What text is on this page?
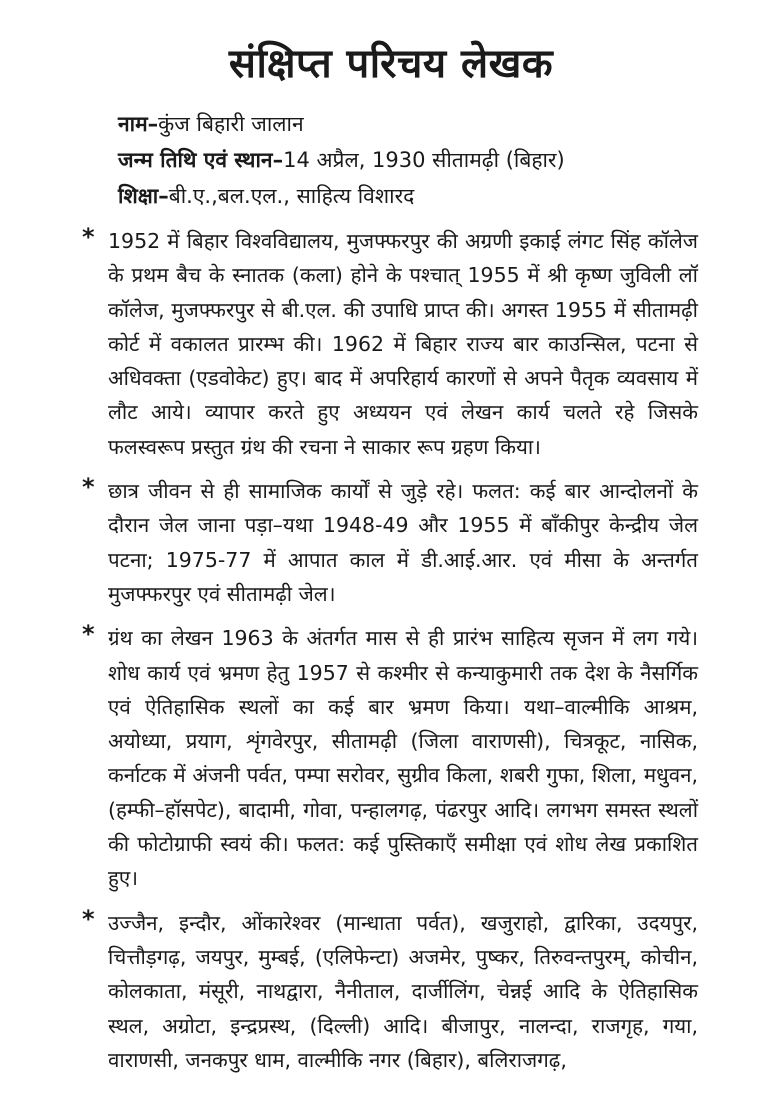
संक्षिप्त परिचय लेखक
नाम–कुंज बिहारी जालान
जन्म तिथि एवं स्थान–14 अप्रैल, 1930 सीतामढ़ी (बिहार)
शिक्षा–बी.ए.,बल.एल., साहित्य विशारद
* 1952 में बिहार विश्वविद्यालय, मुजफ्फरपुर की अग्रणी इकाई लंगट सिंह कॉलेज के प्रथम बैच के स्नातक (कला) होने के पश्चात् 1955 में श्री कृष्ण जुविली लॉ कॉलेज, मुजफ्फरपुर से बी.एल. की उपाधि प्राप्त की। अगस्त 1955 में सीतामढ़ी कोर्ट में वकालत प्रारम्भ की। 1962 में बिहार राज्य बार काउन्सिल, पटना से अधिवक्ता (एडवोकेट) हुए। बाद में अपरिहार्य कारणों से अपने पैतृक व्यवसाय में लौट आये। व्यापार करते हुए अध्ययन एवं लेखन कार्य चलते रहे जिसके फलस्वरूप प्रस्तुत ग्रंथ की रचना ने साकार रूप ग्रहण किया।

* छात्र जीवन से ही सामाजिक कार्यों से जुड़े रहे। फलत: कई बार आन्दोलनों के दौरान जेल जाना पड़ा–यथा 1948-49 और 1955 में बाँकीपुर केन्द्रीय जेल पटना; 1975-77 में आपात काल में डी.आई.आर. एवं मीसा के अन्तर्गत मुजफ्फरपुर एवं सीतामढ़ी जेल।

* ग्रंथ का लेखन 1963 के अंतर्गत मास से ही प्रारंभ साहित्य सृजन में लग गये। शोध कार्य एवं भ्रमण हेतु 1957 से कश्मीर से कन्याकुमारी तक देश के नैसर्गिक एवं ऐतिहासिक स्थलों का कई बार भ्रमण किया। यथा–वाल्मीकि आश्रम, अयोध्या, प्रयाग, शृंगवेरपुर, सीतामढ़ी (जिला वाराणसी), चित्रकूट, नासिक, कर्नाटक में अंजनी पर्वत, पम्पा सरोवर, सुग्रीव किला, शबरी गुफा, शिला, मधुवन, (हम्फी–हॉसपेट), बादामी, गोवा, पन्हालगढ़, पंढरपुर आदि। लगभग समस्त स्थलों की फोटोग्राफी स्वयं की। फलत: कई पुस्तिकाएँ समीक्षा एवं शोध लेख प्रकाशित हुए।

* उज्जैन, इन्दौर, ओंकारेश्वर (मान्धाता पर्वत), खजुराहो, द्वारिका, उदयपुर, चित्तौड़गढ़, जयपुर, मुम्बई, (एलिफेन्टा) अजमेर, पुष्कर, तिरुवन्तपुरम्, कोचीन, कोलकाता, मंसूरी, नाथद्वारा, नैनीताल, दार्जीलिंग, चेन्नई आदि के ऐतिहासिक स्थल, अग्रोटा, इन्द्रप्रस्थ, (दिल्ली) आदि। बीजापुर, नालन्दा, राजगृह, गया, वाराणसी, जनकपुर धाम, वाल्मीकि नगर (बिहार), बलिराजगढ़,
